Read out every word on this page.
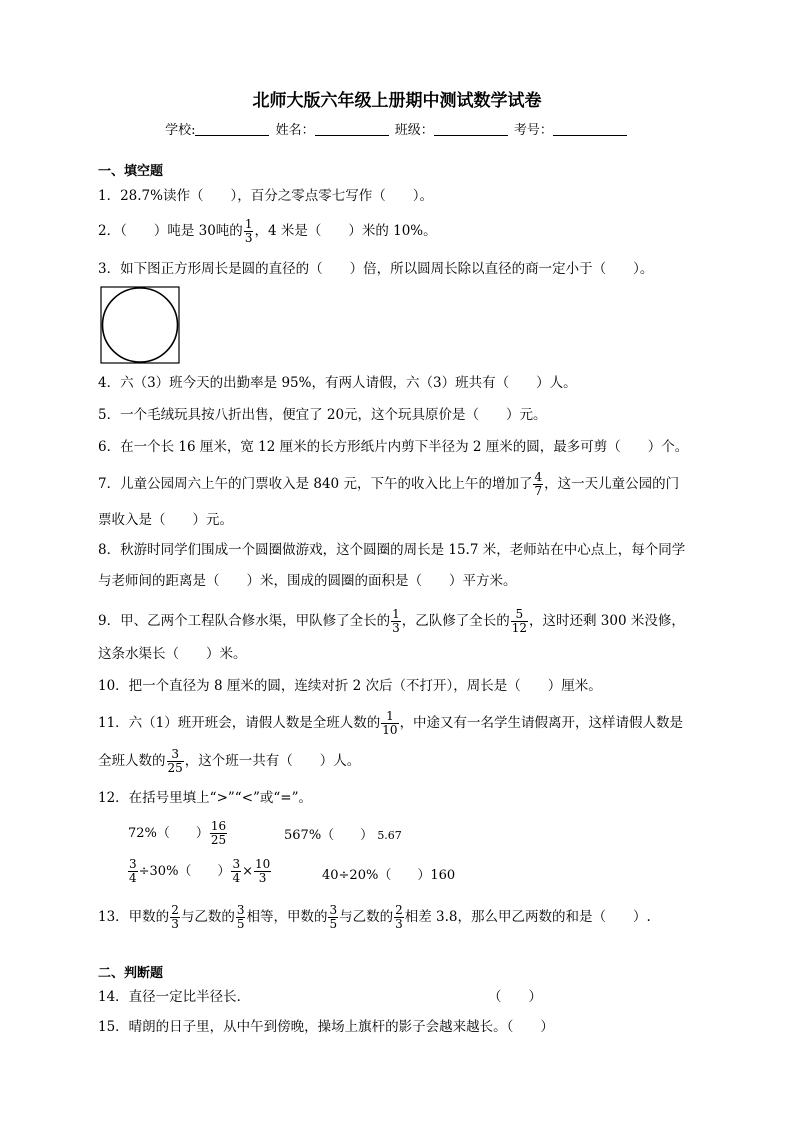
北师大版六年级上册期中测试数学试卷
学校:	姓名：	班级：	考号：
一、填空题
1．28.7%读作（　　），百分之零点零七写作（　　）。
2．（　　）吨是 30吨的 $\frac{1}{3}$ ，4 米是（　　）米的 10%。
3．如下图正方形周长是圆的直径的（　　）倍，所以圆周长除以直径的商一定小于（　　）。
4．六（3）班今天的出勤率是 95%，有两人请假，六（3）班共有（　　）人。
5．一个毛绒玩具按八折出售，便宜了 20元，这个玩具原价是（　　）元。
6．在一个长 16 厘米，宽 12 厘米的长方形纸片内剪下半径为 2 厘米的圆，最多可剪（　　）个。
7．儿童公园周六上午的门票收入是 840 元，下午的收入比上午的增加了 $\frac{4}{7}$ ，这一天儿童公园的门
票收入是（　　）元。
8．秋游时同学们围成一个圆圈做游戏，这个圆圈的周长是 15.7 米，老师站在中心点上，每个同学
与老师间的距离是（　　）米，围成的圆圈的面积是（　　）平方米。
9．甲、乙两个工程队合修水渠，甲队修了全长的 $\frac{1}{3}$ ，乙队修了全长的 $\frac{5}{12}$ ，这时还剩 300 米没修，
这条水渠长（　　）米。
10．把一个直径为 8 厘米的圆，连续对折 2 次后（不打开），周长是（　　）厘米。
11．六（1）班开班会，请假人数是全班人数的 $\frac{1}{10}$ ，中途又有一名学生请假离开，这样请假人数是
全班人数的 $\frac{3}{25}$ ，这个班一共有（　　）人。
12．在括号里填上“>”“<”或“=”。
72%（　　） $\frac{16}{25}$	567%（　　） 5.67
$\frac{3}{4} \div 30\%$（　　） $\frac{3}{4} \times \frac{10}{3}$	40÷20%（　　）160
13．甲数的 $\frac{2}{3}$ 与乙数的 $\frac{3}{5}$ 相等，甲数的 $\frac{3}{5}$ 与乙数的 $\frac{2}{3}$ 相差 3.8，那么甲乙两数的和是（　　）.
二、判断题
14．直径一定比半径长．	（　　）
15．晴朗的日子里，从中午到傍晚，操场上旗杆的影子会越来越长。（　　）
